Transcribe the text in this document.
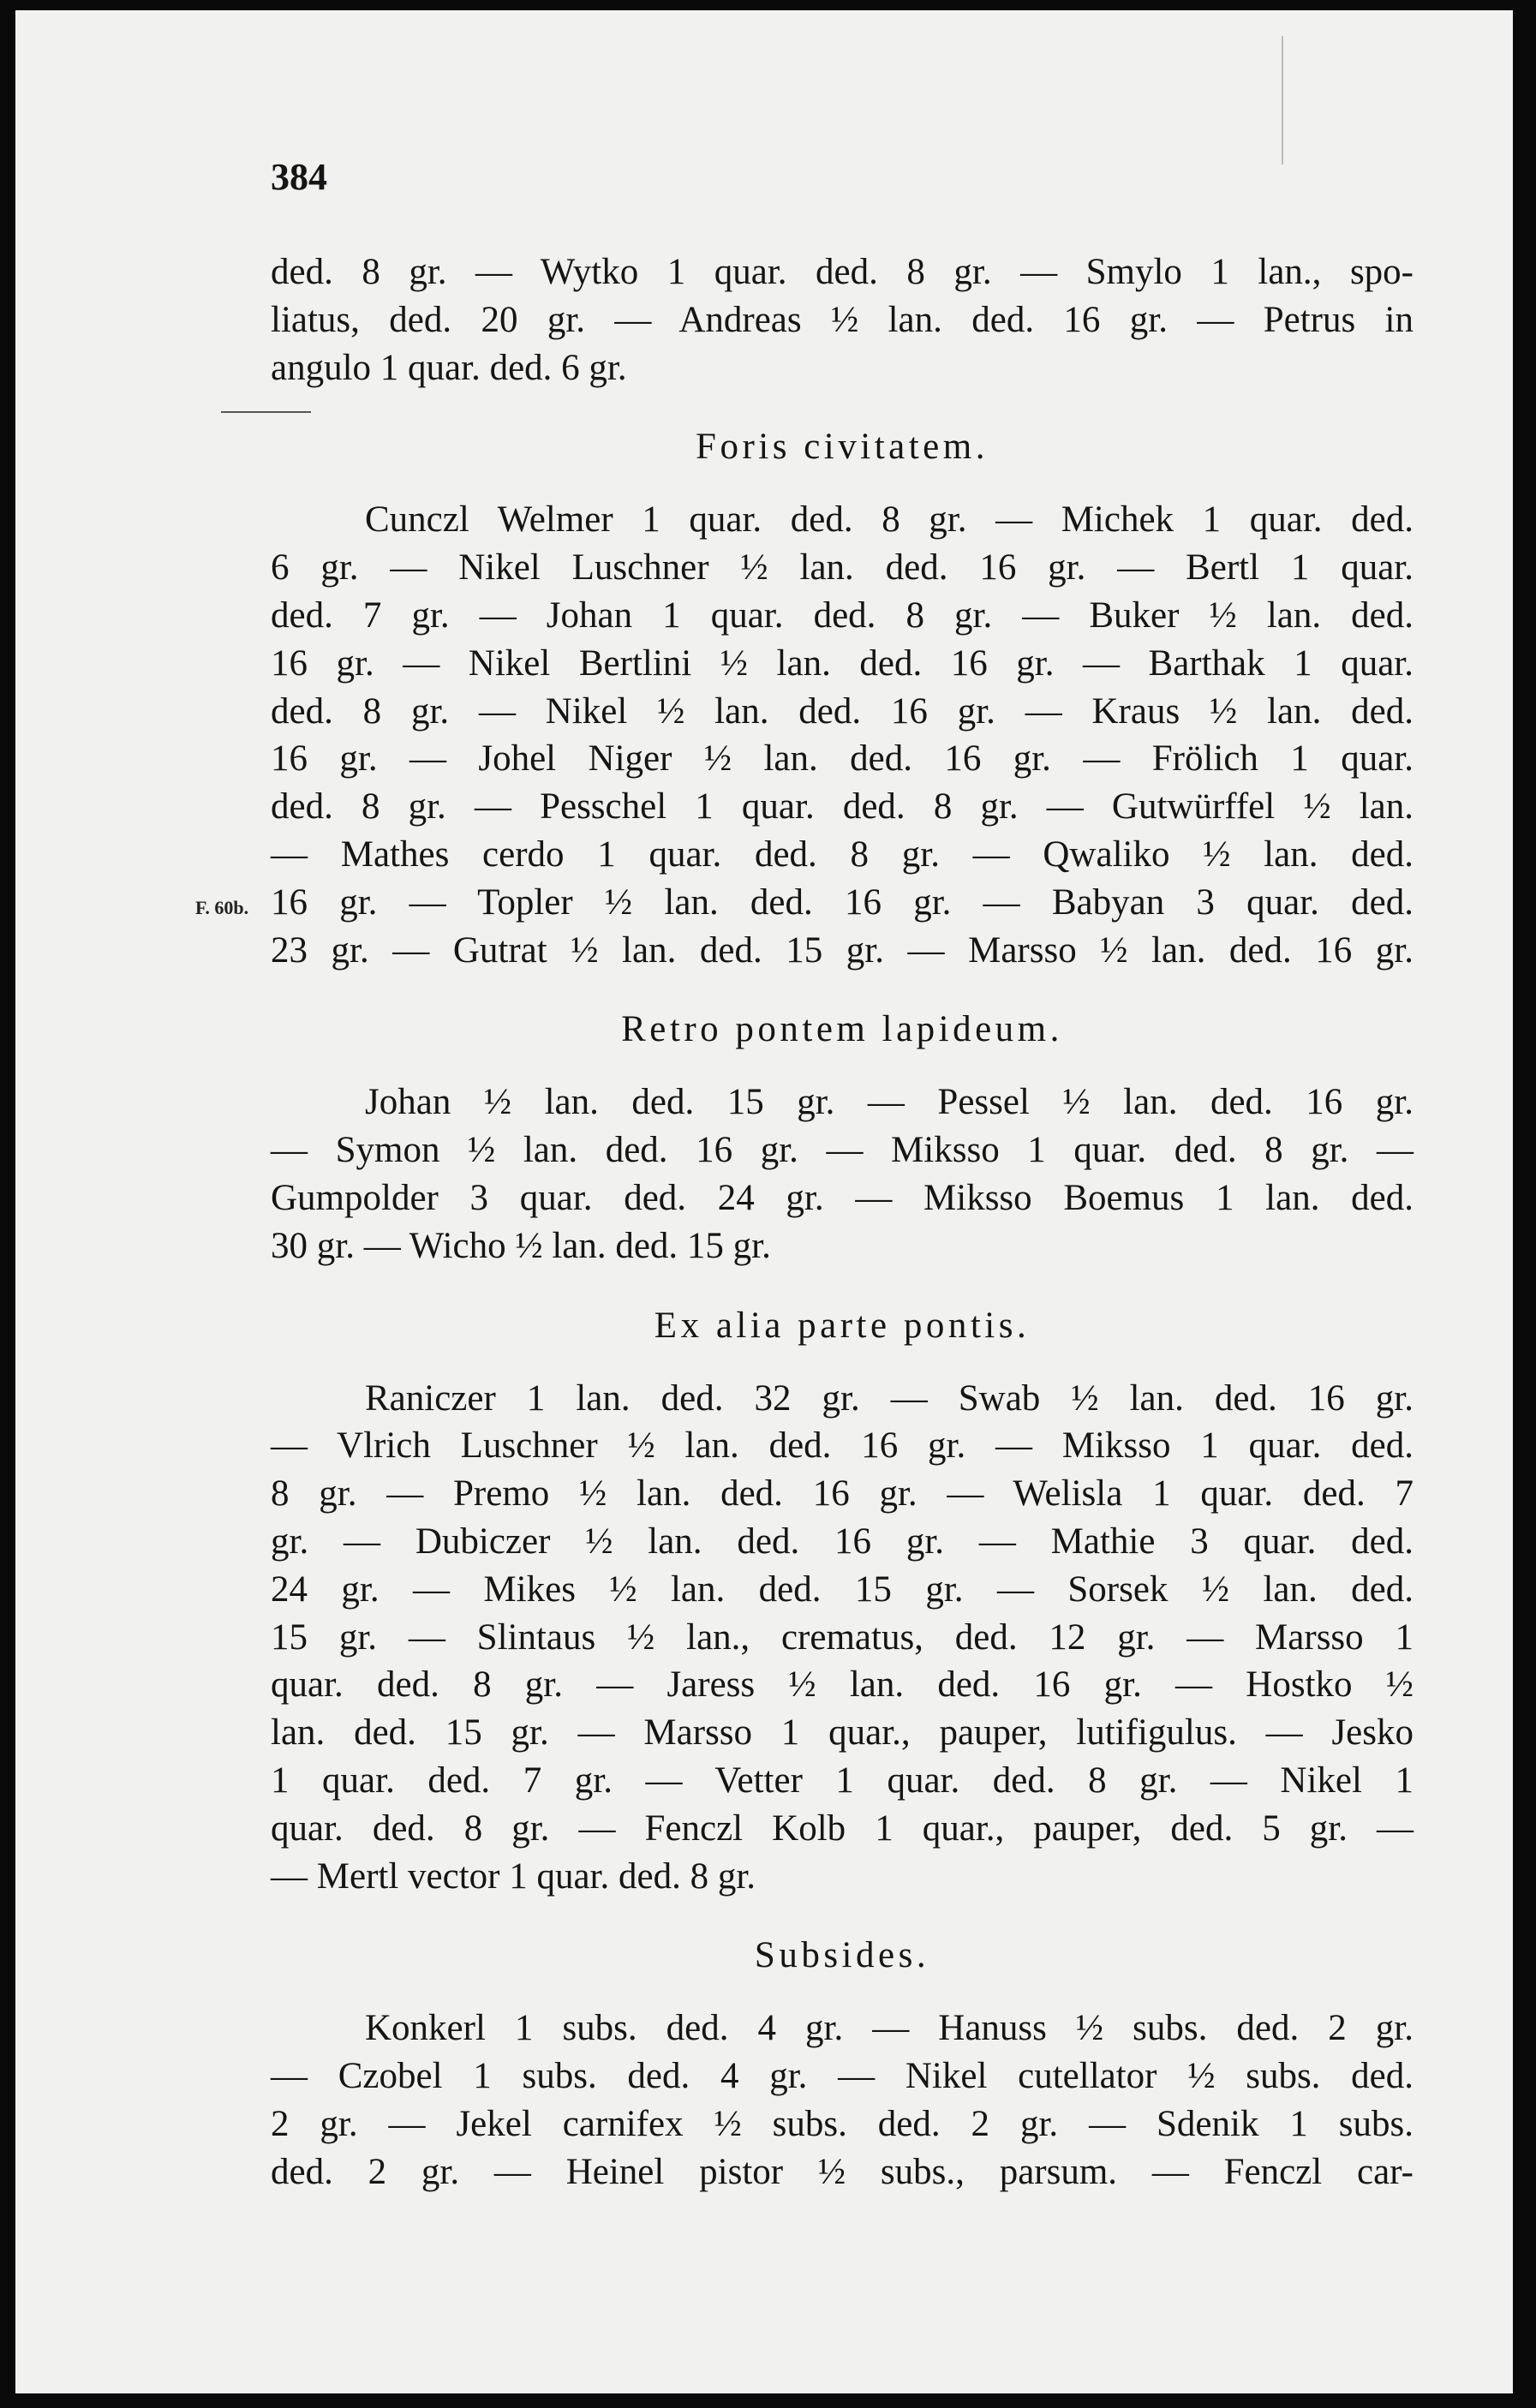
F. 60b.
384
ded. 8 gr. — Wytko 1 quar. ded. 8 gr. — Smylo 1 lan., spo-
liatus, ded. 20 gr. — Andreas ½ lan. ded. 16 gr. — Petrus in
angulo 1 quar. ded. 6 gr.
Foris civitatem.
Cunczl Welmer 1 quar. ded. 8 gr. — Michek 1 quar. ded.
6 gr. — Nikel Luschner ½ lan. ded. 16 gr. — Bertl 1 quar.
ded. 7 gr. — Johan 1 quar. ded. 8 gr. — Buker ½ lan. ded.
16 gr. — Nikel Bertlini ½ lan. ded. 16 gr. — Barthak 1 quar.
ded. 8 gr. — Nikel ½ lan. ded. 16 gr. — Kraus ½ lan. ded.
16 gr. — Johel Niger ½ lan. ded. 16 gr. — Frölich 1 quar.
ded. 8 gr. — Pesschel 1 quar. ded. 8 gr. — Gutwürffel ½ lan.
— Mathes cerdo 1 quar. ded. 8 gr. — Qwaliko ½ lan. ded.
16 gr. — Topler ½ lan. ded. 16 gr. — Babyan 3 quar. ded.
23 gr. — Gutrat ½ lan. ded. 15 gr. — Marsso ½ lan. ded. 16 gr.
Retro pontem lapideum.
Johan ½ lan. ded. 15 gr. — Pessel ½ lan. ded. 16 gr.
— Symon ½ lan. ded. 16 gr. — Miksso 1 quar. ded. 8 gr. —
Gumpolder 3 quar. ded. 24 gr. — Miksso Boemus 1 lan. ded.
30 gr. — Wicho ½ lan. ded. 15 gr.
Ex alia parte pontis.
Raniczer 1 lan. ded. 32 gr. — Swab ½ lan. ded. 16 gr.
— Vlrich Luschner ½ lan. ded. 16 gr. — Miksso 1 quar. ded.
8 gr. — Premo ½ lan. ded. 16 gr. — Welisla 1 quar. ded. 7
gr. — Dubiczer ½ lan. ded. 16 gr. — Mathie 3 quar. ded.
24 gr. — Mikes ½ lan. ded. 15 gr. — Sorsek ½ lan. ded.
15 gr. — Slintaus ½ lan., crematus, ded. 12 gr. — Marsso 1
quar. ded. 8 gr. — Jaress ½ lan. ded. 16 gr. — Hostko ½
lan. ded. 15 gr. — Marsso 1 quar., pauper, lutifigulus. — Jesko
1 quar. ded. 7 gr. — Vetter 1 quar. ded. 8 gr. — Nikel 1
quar. ded. 8 gr. — Fenczl Kolb 1 quar., pauper, ded. 5 gr. —
— Mertl vector 1 quar. ded. 8 gr.
Subsides.
Konkerl 1 subs. ded. 4 gr. — Hanuss ½ subs. ded. 2 gr.
— Czobel 1 subs. ded. 4 gr. — Nikel cutellator ½ subs. ded.
2 gr. — Jekel carnifex ½ subs. ded. 2 gr. — Sdenik 1 subs.
ded. 2 gr. — Heinel pistor ½ subs., parsum. — Fenczl car-
